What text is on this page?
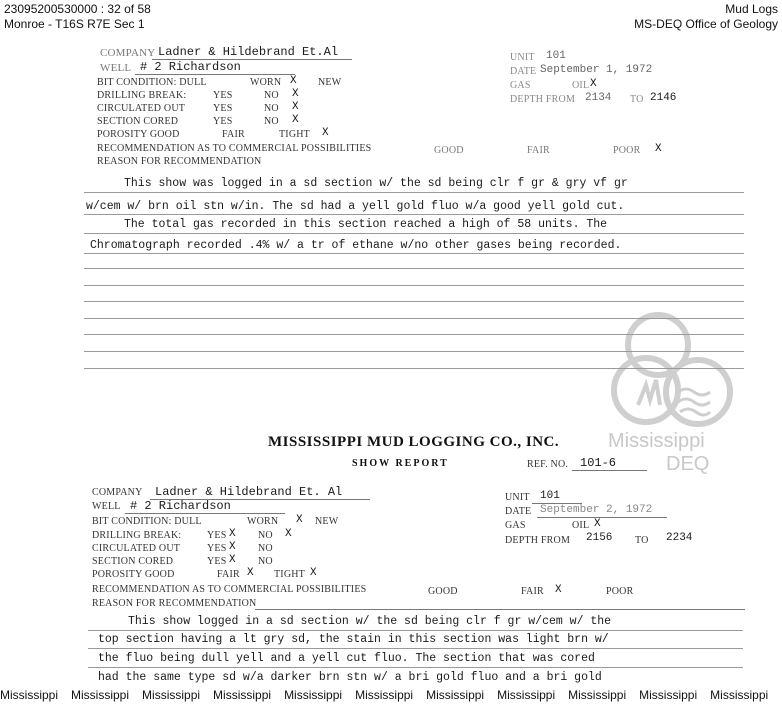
23095200530000 : 32 of 58
Monroe - T16S R7E Sec 1
Mud Logs
MS-DEQ Office of Geology
Mississippi
DEQ
COMPANY Ladner & Hildebrand Et.Al
WELL # 2 Richardson
BIT CONDITION: DULL	WORN X NEW
DRILLING BREAK:	YES	NO X
CIRCULATED OUT	YES	NO X
SECTION CORED	YES	NO X
POROSITY GOOD	FAIR	TIGHT X
RECOMMENDATION AS TO COMMERCIAL POSSIBILITIES	GOOD	FAIR	POOR X
REASON FOR RECOMMENDATION
UNIT 101
DATE September 1, 1972
GAS	OIL X
DEPTH FROM 2134 TO 2146
This show was logged in a sd section w/ the sd being clr f gr & gry vf gr
w/cem w/ brn oil stn w/in. The sd had a yell gold fluo w/a good yell gold cut.
The total gas recorded in this section reached a high of 58 units. The
Chromatograph recorded .4% w/ a tr of ethane w/no other gases being recorded.
MISSISSIPPI MUD LOGGING CO., INC.
SHOW REPORT	REF. NO. 101-6
COMPANY Ladner & Hildebrand Et. Al
WELL # 2 Richardson
BIT CONDITION: DULL	WORN X NEW
DRILLING BREAK:	YES X NO X
CIRCULATED OUT	YES X NO
SECTION CORED	YES X NO
POROSITY GOOD	FAIR X TIGHT X
RECOMMENDATION AS TO COMMERCIAL POSSIBILITIES	GOOD	FAIR X	POOR
REASON FOR RECOMMENDATION
UNIT 101
DATE September 2, 1972
GAS	OIL X
DEPTH FROM 2156 TO 2234
This show logged in a sd section w/ the sd being clr f gr w/cem w/ the
top section having a lt gry sd, the stain in this section was light brn w/
the fluo being dull yell and a yell cut fluo. The section that was cored
had the same type sd w/a darker brn stn w/ a bri gold fluo and a bri gold
Mississippi Mississippi Mississippi Mississippi Mississippi Mississippi Mississippi Mississippi Mississippi Mississippi Mississippi
